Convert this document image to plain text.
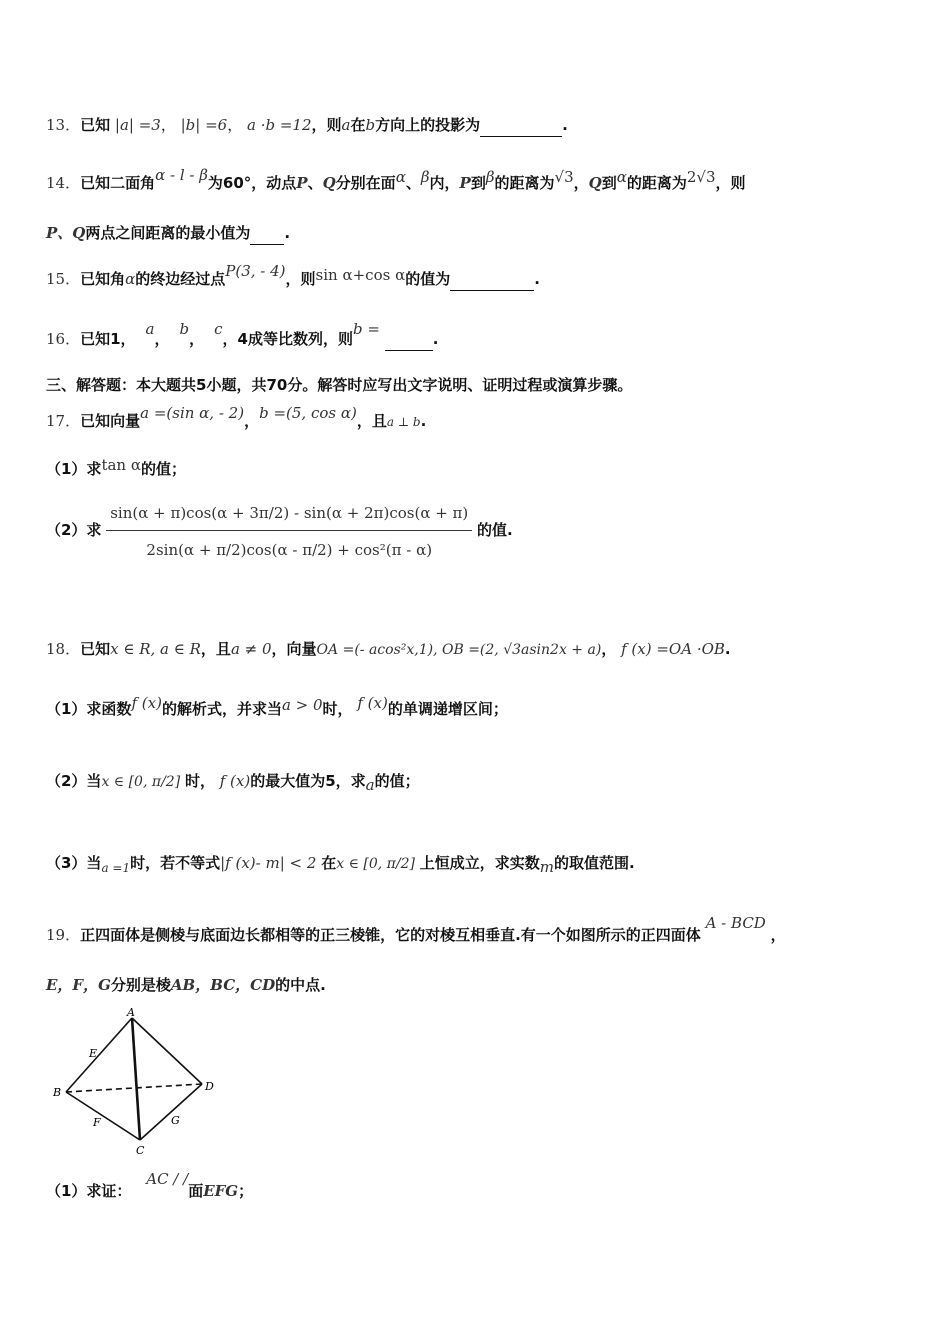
13．已知 |a| =3， |b| =6， a ·b =12，则a在b方向上的投影为	.
14．已知二面角α - l - β为60°，动点P、Q分别在面α、β内，P到β的距离为√3，Q到α的距离为2√3，则
P、Q两点之间距离的最小值为 .
15．已知角α的终边经过点P(3, - 4)，则sin α+cos α的值为	.
16．已知1，a，b，c，4成等比数列，则b =  .
三、解答题：本大题共5小题，共70分。解答时应写出文字说明、证明过程或演算步骤。
17．已知向量a =(sin α, - 2)，b =(5, cos α)，且a ⊥ b.
（1）求tan α的值；
（2）求 $\frac{\sin(\alpha + \pi)\cos(\alpha + 3\pi/2) - \sin(\alpha + 2\pi)\cos(\alpha + \pi)}{\text{2sin(α + π/2)cos(α - π/2) + cos²(π - α)}}$ 的值.
18．已知x ∈ R, a ∈ R，且a ≠ 0，向量OA =(- acos²x,1), OB =(2, √3asin2x + a)， f (x) =OA ·OB.
（1）求函数f (x)的解析式，并求当a > 0时， f (x)的单调递增区间；
（2）当x ∈ [0, π/2] 时， f (x)的最大值为5，求a的值；
（3）当$_{a =1}$时，若不等式|f (x)- m| < 2 在x ∈ [0, π/2] 上恒成立，求实数m的取值范围.
19．正四面体是侧棱与底面边长都相等的正三棱锥，它的对棱互相垂直.有一个如图所示的正四面体 A - BCD ，
E，F，G分别是棱AB，BC，CD的中点.
A
B
C
D
E
F	G
（1）求证： AC / /面EFG；
